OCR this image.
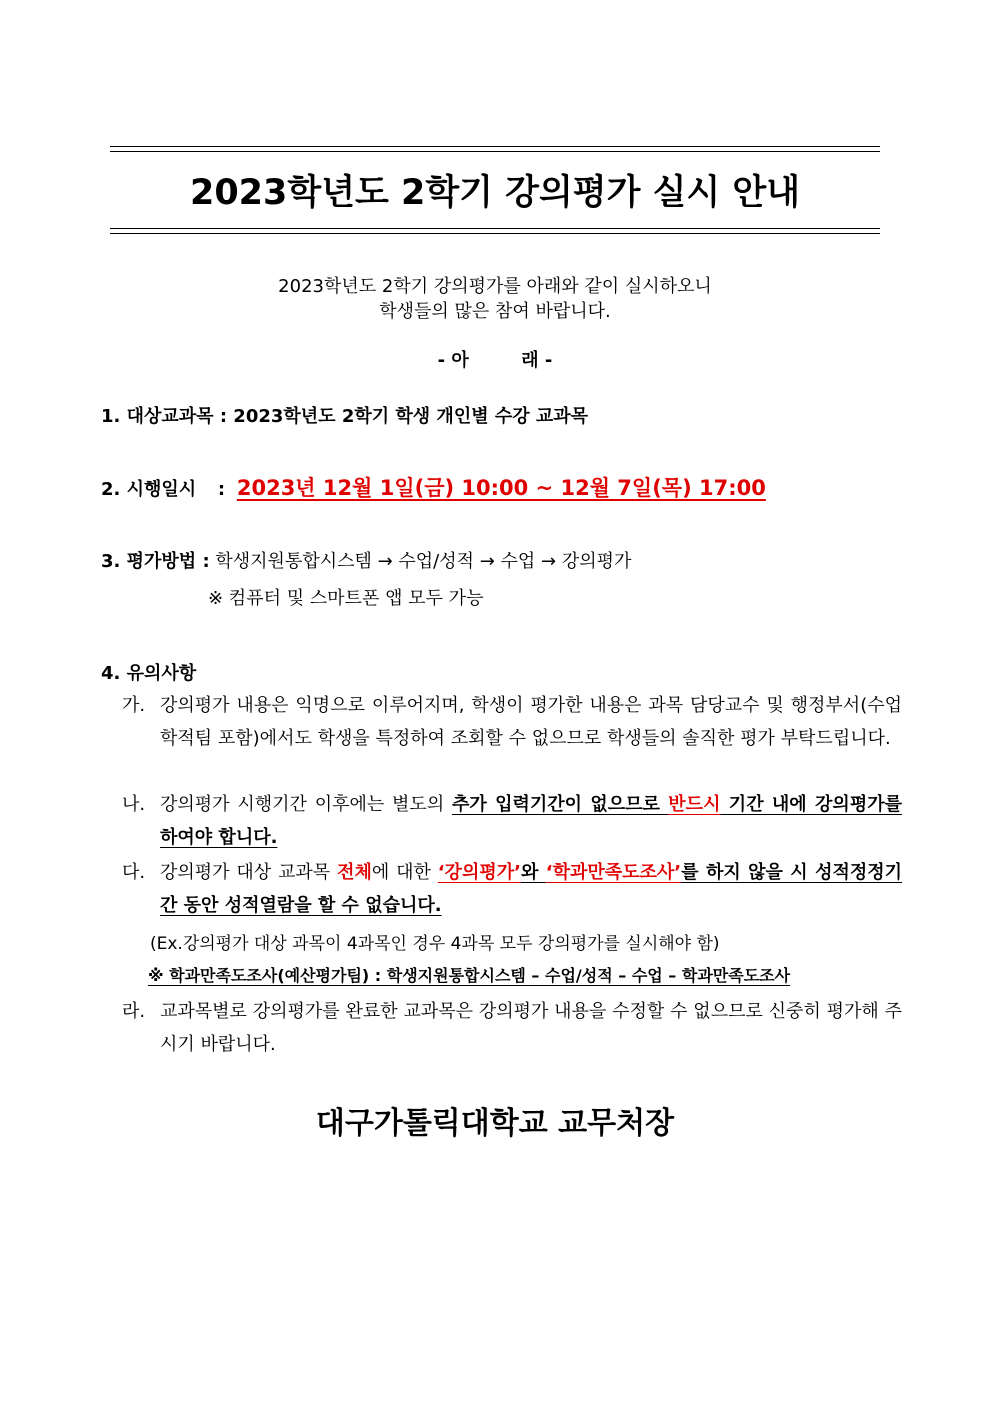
2023학년도 2학기 강의평가 실시 안내
2023학년도 2학기 강의평가를 아래와 같이 실시하오니
학생들의 많은 참여 바랍니다.
- 아	래 -
1. 대상교과목 : 2023학년도 2학기 학생 개인별 수강 교과목
2. 시행일시 : 2023년 12월 1일(금) 10:00 ~ 12월 7일(목) 17:00
3. 평가방법 : 학생지원통합시스템 → 수업/성적 → 수업 → 강의평가
※ 컴퓨터 및 스마트폰 앱 모두 가능
4. 유의사항
가. 강의평가 내용은 익명으로 이루어지며, 학생이 평가한 내용은 과목 담당교수 및 행정부서(수업학적팀 포함)에서도 학생을 특정하여 조회할 수 없으므로 학생들의 솔직한 평가 부탁드립니다.
나. 강의평가 시행기간 이후에는 별도의 추가 입력기간이 없으므로 반드시 기간 내에 강의평가를 하여야 합니다.
다. 강의평가 대상 교과목 전체에 대한 ‘강의평가’와 ‘학과만족도조사’를 하지 않을 시 성적정정기간 동안 성적열람을 할 수 없습니다.
(Ex.강의평가 대상 과목이 4과목인 경우 4과목 모두 강의평가를 실시해야 함)
※ 학과만족도조사(예산평가팀) : 학생지원통합시스템 – 수업/성적 – 수업 – 학과만족도조사
라. 교과목별로 강의평가를 완료한 교과목은 강의평가 내용을 수정할 수 없으므로 신중히 평가해 주시기 바랍니다.
대구가톨릭대학교 교무처장
